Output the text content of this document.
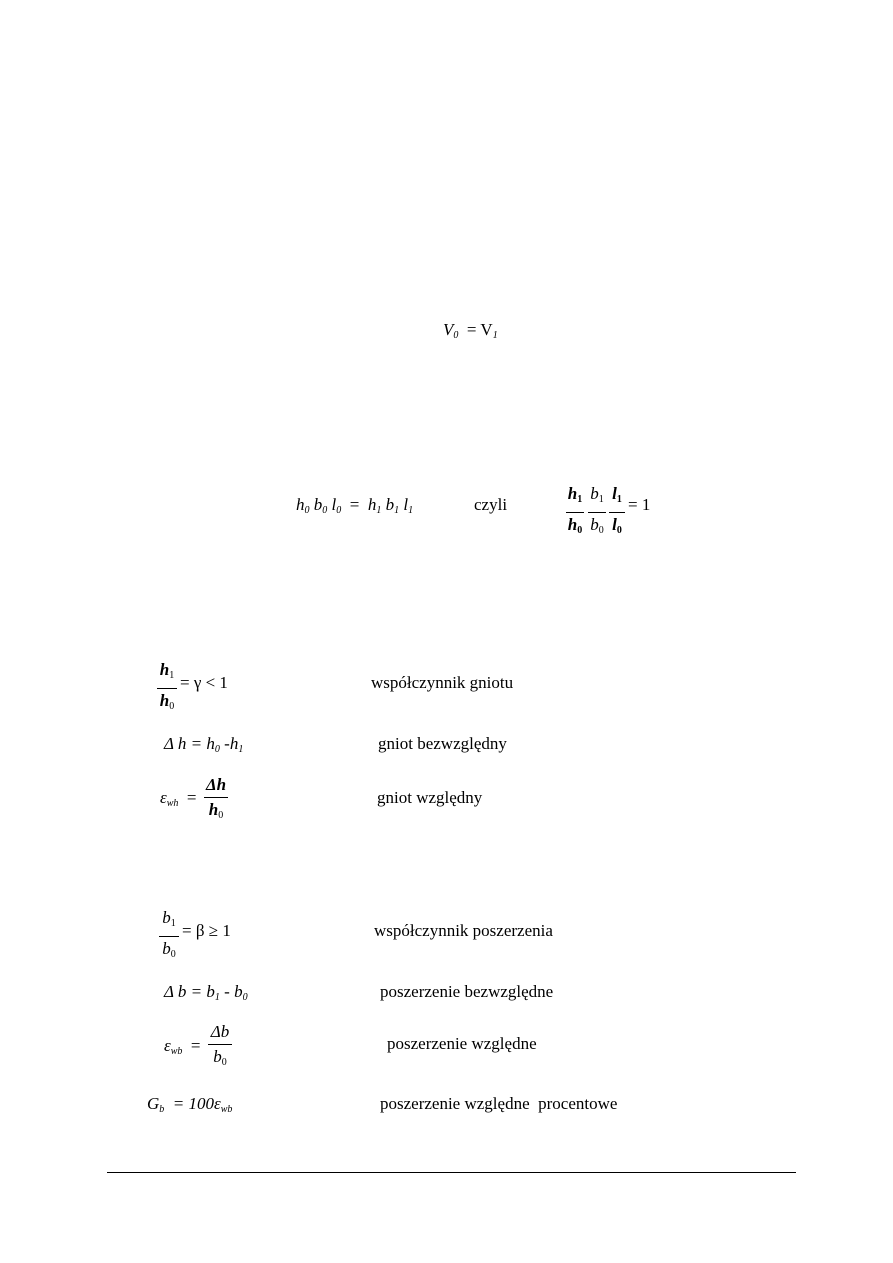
$V_0 = V_1$
$h_0$ $b_0$ $l_0 = h_1$ $b_1$ $l_1$	czyli
$h_1$
$h_0$
$b_1$
$b_0$
$l_1$
$l_0$
= 1
$h_1$
$h_0$
= γ < 1	współczynnik gniotu
Δ $h = h_0$ $-h_1$	gniot bezwzględny
$\varepsilon_{wh}$ =
Δh
$h_0$
gniot względny
$b_1$
$b_0$
= β ≥ 1	współczynnik poszerzenia
Δ $b = b_1 - b_0$	poszerzenie bezwzględne
$\varepsilon_{wb}$ =
Δb
$b_0$
poszerzenie względne
$G_b = 100\varepsilon_{wb}$	poszerzenie względne  procentowe
